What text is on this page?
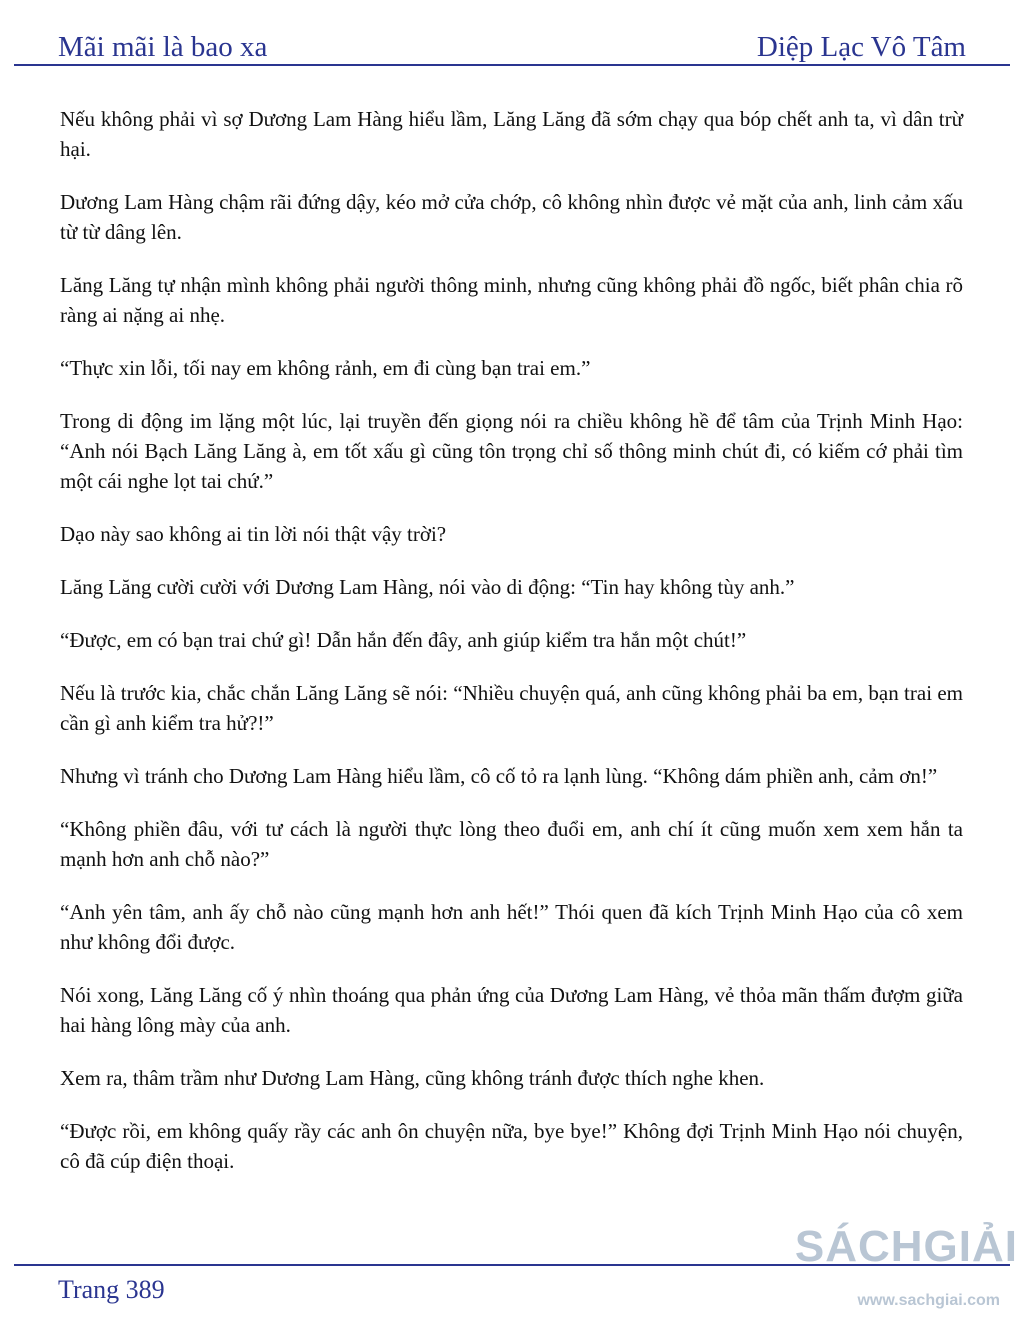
Mãi mãi là bao xa	Diệp Lạc Vô Tâm

Nếu không phải vì sợ Dương Lam Hàng hiểu lầm, Lăng Lăng đã sớm chạy qua bóp chết anh ta, vì dân trừ hại.

Dương Lam Hàng chậm rãi đứng dậy, kéo mở cửa chớp, cô không nhìn được vẻ mặt của anh, linh cảm xấu từ từ dâng lên.

Lăng Lăng tự nhận mình không phải người thông minh, nhưng cũng không phải đồ ngốc, biết phân chia rõ ràng ai nặng ai nhẹ.

“Thực xin lỗi, tối nay em không rảnh, em đi cùng bạn trai em.”

Trong di động im lặng một lúc, lại truyền đến giọng nói ra chiều không hề để tâm của Trịnh Minh Hạo: “Anh nói Bạch Lăng Lăng à, em tốt xấu gì cũng tôn trọng chỉ số thông minh chút đi, có kiếm cớ phải tìm một cái nghe lọt tai chứ.”

Dạo này sao không ai tin lời nói thật vậy trời?

Lăng Lăng cười cười với Dương Lam Hàng, nói vào di động: “Tin hay không tùy anh.”

“Được, em có bạn trai chứ gì! Dẫn hắn đến đây, anh giúp kiểm tra hắn một chút!”

Nếu là trước kia, chắc chắn Lăng Lăng sẽ nói: “Nhiều chuyện quá, anh cũng không phải ba em, bạn trai em cần gì anh kiểm tra hử?!”

Nhưng vì tránh cho Dương Lam Hàng hiểu lầm, cô cố tỏ ra lạnh lùng. “Không dám phiền anh, cảm ơn!”

“Không phiền đâu, với tư cách là người thực lòng theo đuổi em, anh chí ít cũng muốn xem xem hắn ta mạnh hơn anh chỗ nào?”

“Anh yên tâm, anh ấy chỗ nào cũng mạnh hơn anh hết!” Thói quen đã kích Trịnh Minh Hạo của cô xem như không đổi được.

Nói xong, Lăng Lăng cố ý nhìn thoáng qua phản ứng của Dương Lam Hàng, vẻ thỏa mãn thấm đượm giữa hai hàng lông mày của anh.

Xem ra, thâm trầm như Dương Lam Hàng, cũng không tránh được thích nghe khen.

“Được rồi, em không quấy rầy các anh ôn chuyện nữa, bye bye!” Không đợi Trịnh Minh Hạo nói chuyện, cô đã cúp điện thoại.

Trang 389
SÁCHGIẢI
www.sachgiai.com
